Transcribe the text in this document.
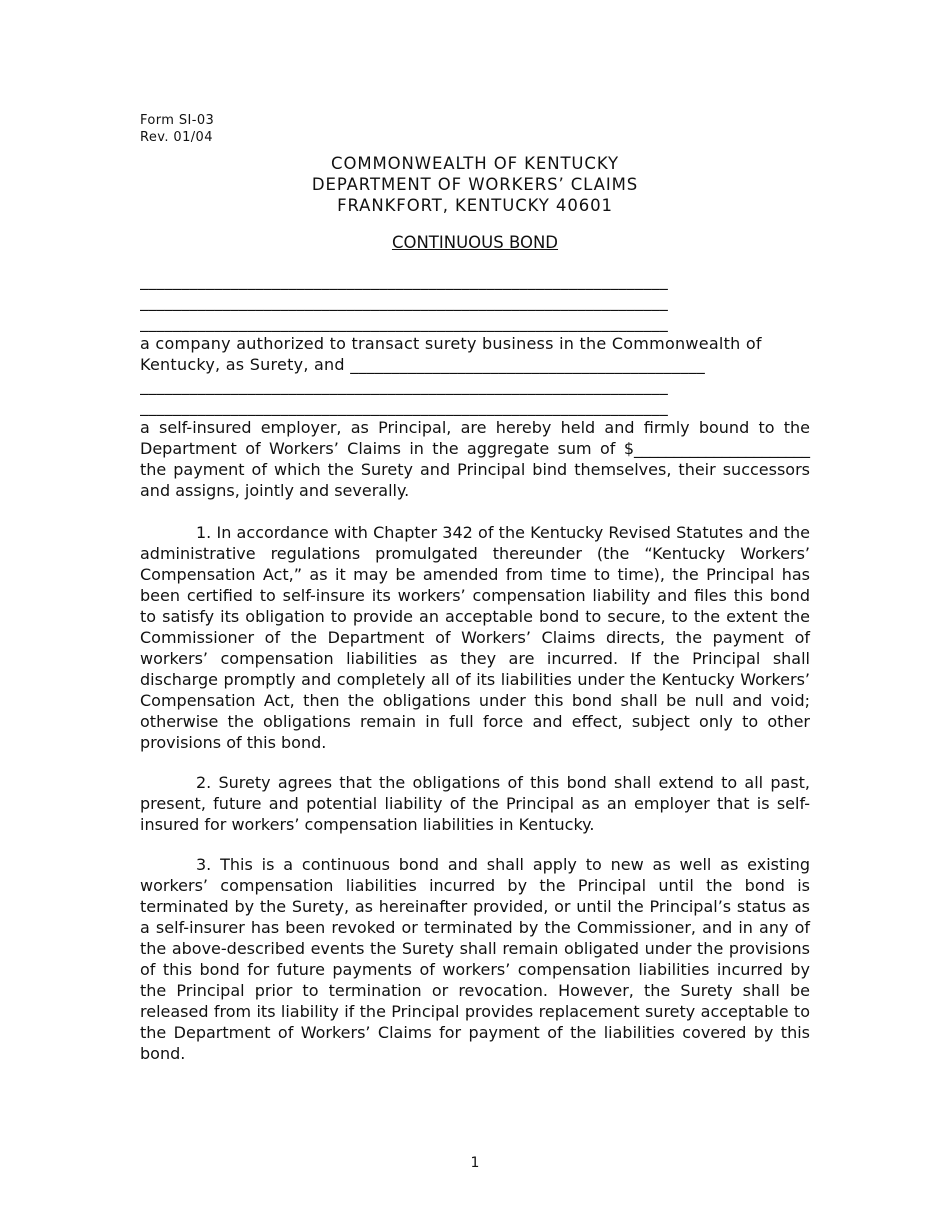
Form SI-03
Rev. 01/04
COMMONWEALTH OF KENTUCKY
DEPARTMENT OF WORKERS’ CLAIMS
FRANKFORT, KENTUCKY 40601
CONTINUOUS BOND
________________________________________________________________
________________________________________________________________
________________________________________________________________
a company authorized to transact surety business in the Commonwealth of
Kentucky, as Surety, and ___________________________________________
________________________________________________________________
________________________________________________________________
a self-insured employer, as Principal, are hereby held and firmly bound to the Department of Workers’ Claims in the aggregate sum of $______________________ the payment of which the Surety and Principal bind themselves, their successors and assigns, jointly and severally.
1. In accordance with Chapter 342 of the Kentucky Revised Statutes and the administrative regulations promulgated thereunder (the “Kentucky Workers’ Compensation Act,” as it may be amended from time to time), the Principal has been certified to self-insure its workers’ compensation liability and files this bond to satisfy its obligation to provide an acceptable bond to secure, to the extent the Commissioner of the Department of Workers’ Claims directs, the payment of workers’ compensation liabilities as they are incurred. If the Principal shall discharge promptly and completely all of its liabilities under the Kentucky Workers’ Compensation Act, then the obligations under this bond shall be null and void; otherwise the obligations remain in full force and effect, subject only to other provisions of this bond.
2. Surety agrees that the obligations of this bond shall extend to all past, present, future and potential liability of the Principal as an employer that is self-insured for workers’ compensation liabilities in Kentucky.
3. This is a continuous bond and shall apply to new as well as existing workers’ compensation liabilities incurred by the Principal until the bond is terminated by the Surety, as hereinafter provided, or until the Principal’s status as a self-insurer has been revoked or terminated by the Commissioner, and in any of the above-described events the Surety shall remain obligated under the provisions of this bond for future payments of workers’ compensation liabilities incurred by the Principal prior to termination or revocation. However, the Surety shall be released from its liability if the Principal provides replacement surety acceptable to the Department of Workers’ Claims for payment of the liabilities covered by this bond.
1
